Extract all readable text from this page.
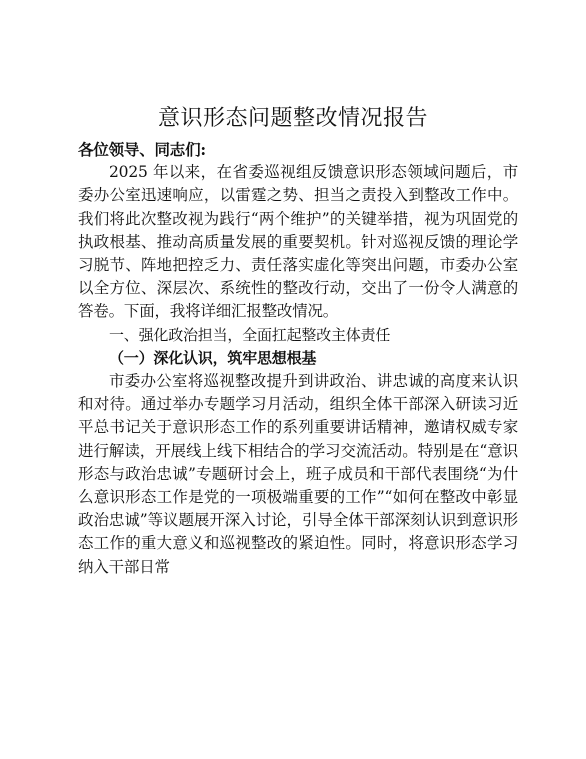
意识形态问题整改情况报告

各位领导、同志们:

2025 年以来，在省委巡视组反馈意识形态领域问题后，市委办公室迅速响应，以雷霆之势、担当之责投入到整改工作中。我们将此次整改视为践行“两个维护”的关键举措，视为巩固党的执政根基、推动高质量发展的重要契机。针对巡视反馈的理论学习脱节、阵地把控乏力、责任落实虚化等突出问题，市委办公室以全方位、深层次、系统性的整改行动，交出了一份令人满意的答卷。下面，我将详细汇报整改情况。

一、强化政治担当，全面扛起整改主体责任

（一）深化认识，筑牢思想根基

市委办公室将巡视整改提升到讲政治、讲忠诚的高度来认识和对待。通过举办专题学习月活动，组织全体干部深入研读习近平总书记关于意识形态工作的系列重要讲话精神，邀请权威专家进行解读，开展线上线下相结合的学习交流活动。特别是在“意识形态与政治忠诚”专题研讨会上，班子成员和干部代表围绕“为什么意识形态工作是党的一项极端重要的工作”“如何在整改中彰显政治忠诚”等议题展开深入讨论，引导全体干部深刻认识到意识形态工作的重大意义和巡视整改的紧迫性。同时，将意识形态学习纳入干部日常
